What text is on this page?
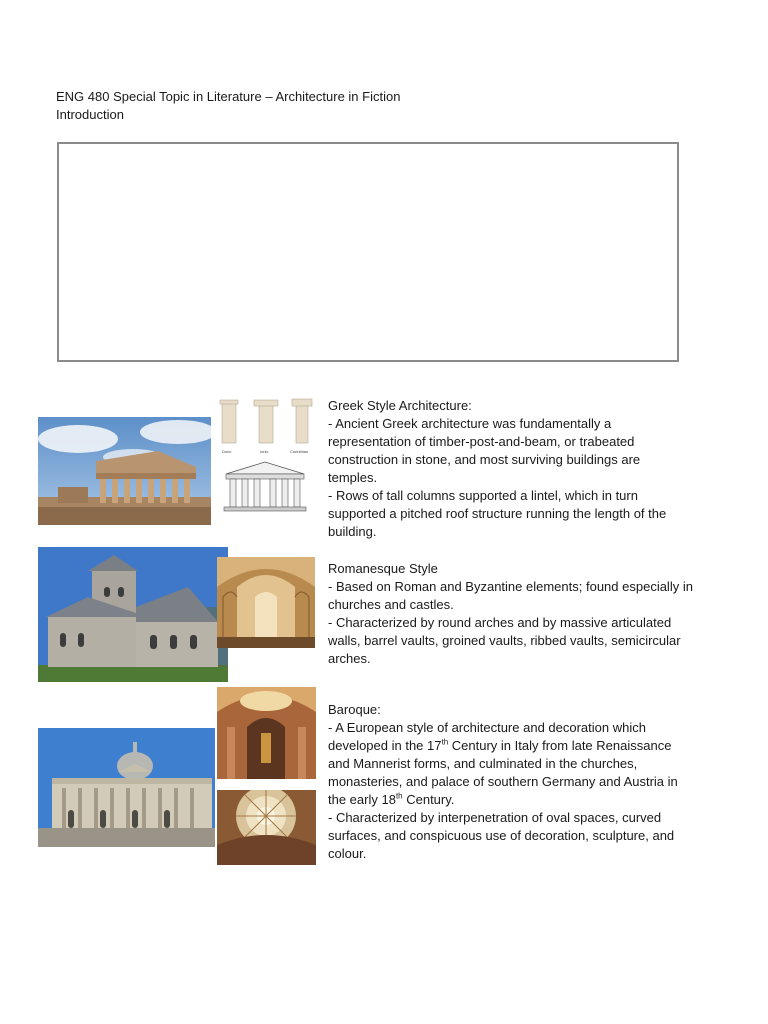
ENG 480 Special Topic in Literature – Architecture in Fiction
Introduction
Doric	Ionic	Corinthian

Greek Style Architecture:

- Ancient Greek architecture was fundamentally a

representation of timber-post-and-beam, or trabeated

construction in stone, and most surviving buildings are

temples.

- Rows of tall columns supported a lintel, which in turn

supported a pitched roof structure running the length of the

building.

Romanesque Style

- Based on Roman and Byzantine elements; found especially in

churches and castles.

- Characterized by round arches and by massive articulated

walls, barrel vaults, groined vaults, ribbed vaults, semicircular

arches.

Baroque:

- A European style of architecture and decoration which

developed in the 17th Century in Italy from late Renaissance

and Mannerist forms, and culminated in the churches,

monasteries, and palace of southern Germany and Austria in

the early 18th Century.

- Characterized by interpenetration of oval spaces, curved

surfaces, and conspicuous use of decoration, sculpture, and

colour.
